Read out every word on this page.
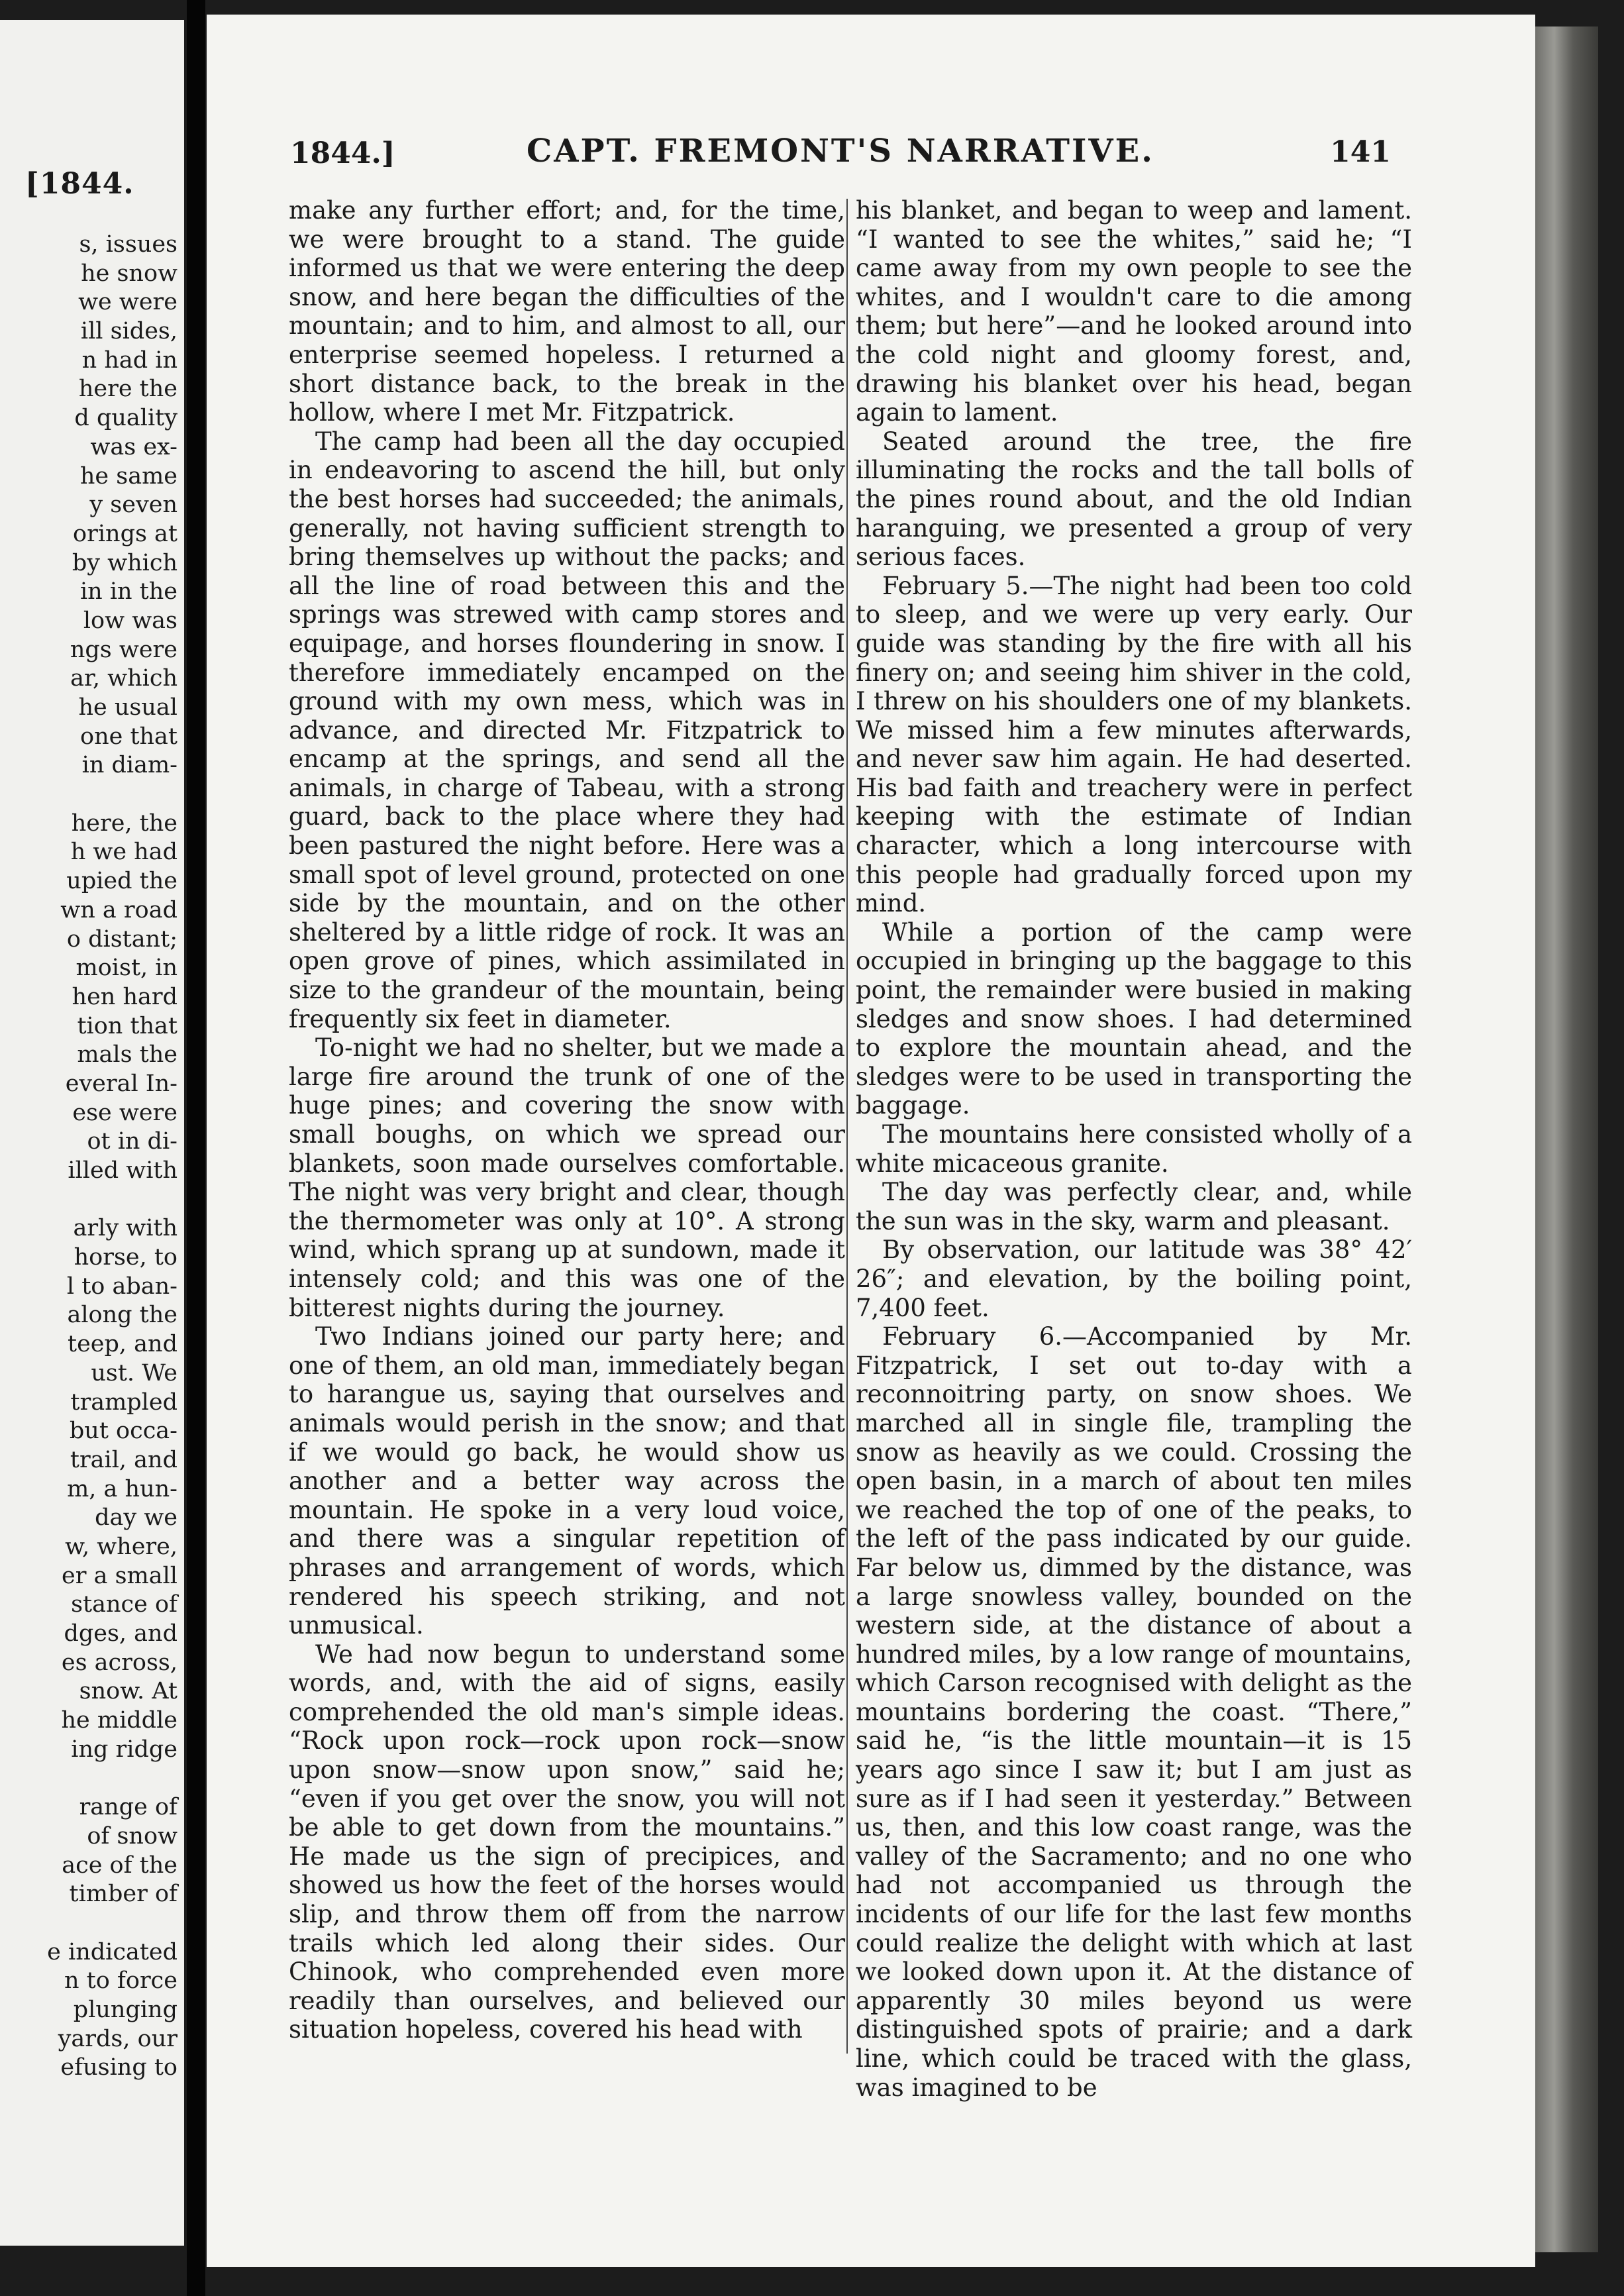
[1844.
s, issues
he snow
we were
ill sides,
n had in
here the
d quality
was ex-
he same
y seven
orings at
by which
in in the
low was
ngs were
ar, which
he usual
one that
in diam-
here, the
h we had
upied the
wn a road
o distant;
moist, in
hen hard
tion that
mals the
everal In-
ese were
ot in di-
illed with
arly with
horse, to
l to aban-
along the
teep, and
ust. We
trampled
but occa-
trail, and
m, a hun-
day we
w, where,
er a small
stance of
dges, and
es across,
snow. At
he middle
ing ridge
range of
of snow
ace of the
timber of
e indicated
n to force
plunging
yards, our
efusing to
1844.]	CAPT. FREMONT'S NARRATIVE.	141

make any further effort; and, for the time, we were brought to a stand. The guide informed us that we were entering the deep snow, and here began the difficulties of the mountain; and to him, and almost to all, our enterprise seemed hopeless. I returned a short distance back, to the break in the hollow, where I met Mr. Fitzpatrick.

The camp had been all the day occupied in endeavoring to ascend the hill, but only the best horses had succeeded; the animals, generally, not having sufficient strength to bring themselves up without the packs; and all the line of road between this and the springs was strewed with camp stores and equipage, and horses floundering in snow. I therefore immediately encamped on the ground with my own mess, which was in advance, and directed Mr. Fitzpatrick to encamp at the springs, and send all the animals, in charge of Tabeau, with a strong guard, back to the place where they had been pastured the night before. Here was a small spot of level ground, protected on one side by the mountain, and on the other sheltered by a little ridge of rock. It was an open grove of pines, which assimilated in size to the grandeur of the mountain, being frequently six feet in diameter.

To-night we had no shelter, but we made a large fire around the trunk of one of the huge pines; and covering the snow with small boughs, on which we spread our blankets, soon made ourselves comfortable. The night was very bright and clear, though the thermometer was only at 10°. A strong wind, which sprang up at sundown, made it intensely cold; and this was one of the bitterest nights during the journey.

Two Indians joined our party here; and one of them, an old man, immediately began to harangue us, saying that ourselves and animals would perish in the snow; and that if we would go back, he would show us another and a better way across the mountain. He spoke in a very loud voice, and there was a singular repetition of phrases and arrangement of words, which rendered his speech striking, and not unmusical.

We had now begun to understand some words, and, with the aid of signs, easily comprehended the old man's simple ideas. “Rock upon rock—rock upon rock—snow upon snow—snow upon snow,” said he; “even if you get over the snow, you will not be able to get down from the mountains.” He made us the sign of precipices, and showed us how the feet of the horses would slip, and throw them off from the narrow trails which led along their sides. Our Chinook, who comprehended even more readily than ourselves, and believed our situation hopeless, covered his head with

his blanket, and began to weep and lament. “I wanted to see the whites,” said he; “I came away from my own people to see the whites, and I wouldn't care to die among them; but here”—and he looked around into the cold night and gloomy forest, and, drawing his blanket over his head, began again to lament.

Seated around the tree, the fire illuminating the rocks and the tall bolls of the pines round about, and the old Indian haranguing, we presented a group of very serious faces.

February 5.—The night had been too cold to sleep, and we were up very early. Our guide was standing by the fire with all his finery on; and seeing him shiver in the cold, I threw on his shoulders one of my blankets. We missed him a few minutes afterwards, and never saw him again. He had deserted. His bad faith and treachery were in perfect keeping with the estimate of Indian character, which a long intercourse with this people had gradually forced upon my mind.

While a portion of the camp were occupied in bringing up the baggage to this point, the remainder were busied in making sledges and snow shoes. I had determined to explore the mountain ahead, and the sledges were to be used in transporting the baggage.

The mountains here consisted wholly of a white micaceous granite.

The day was perfectly clear, and, while the sun was in the sky, warm and pleasant.

By observation, our latitude was 38° 42′ 26″; and elevation, by the boiling point, 7,400 feet.

February 6.—Accompanied by Mr. Fitzpatrick, I set out to-day with a reconnoitring party, on snow shoes. We marched all in single file, trampling the snow as heavily as we could. Crossing the open basin, in a march of about ten miles we reached the top of one of the peaks, to the left of the pass indicated by our guide. Far below us, dimmed by the distance, was a large snowless valley, bounded on the western side, at the distance of about a hundred miles, by a low range of mountains, which Carson recognised with delight as the mountains bordering the coast. “There,” said he, “is the little mountain—it is 15 years ago since I saw it; but I am just as sure as if I had seen it yesterday.” Between us, then, and this low coast range, was the valley of the Sacramento; and no one who had not accompanied us through the incidents of our life for the last few months could realize the delight with which at last we looked down upon it. At the distance of apparently 30 miles beyond us were distinguished spots of prairie; and a dark line, which could be traced with the glass, was imagined to be
